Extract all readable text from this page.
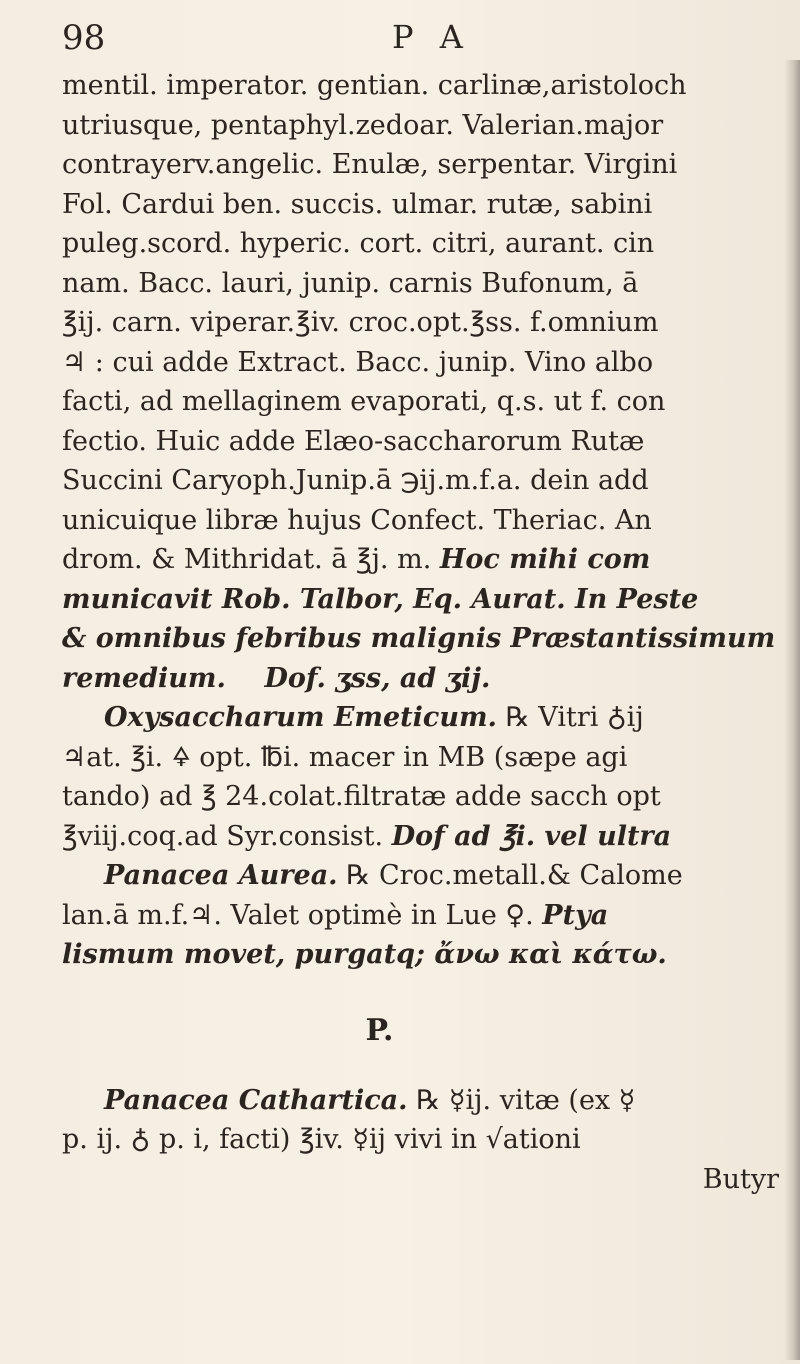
98	P A
mentil. imperator. gentian. carlinæ,aristoloch
utriusque, pentaphyl.zedoar. Valerian.major
contrayerv.angelic. Enulæ, serpentar. Virgini
Fol. Cardui ben. succis. ulmar. rutæ, sabini
puleg.scord. hyperic. cort. citri, aurant. cin
nam. Bacc. lauri, junip. carnis Bufonum, ā
℥ij. carn. viperar.℥iv. croc.opt.℥ss. f.omnium
♃ : cui adde Extract. Bacc. junip. Vino albo
facti, ad mellaginem evaporati, q.s. ut f. con
fectio. Huic adde Elæo-saccharorum Rutæ
Succini Caryoph.Junip.ā ℈ij.m.f.a. dein add
unicuique libræ hujus Confect. Theriac. An
drom. & Mithridat. ā ℥j. m. Hoc mihi com
municavit Rob. Talbor, Eq. Aurat. In Peste
& omnibus febribus malignis Præstantissimum
remedium. Dof. ʒss, ad ʒij.
Oxysaccharum Emeticum. ℞ Vitri ♁ij
♃at. ℥i. 🜍 opt. ℔i. macer in MB (sæpe agi
tando) ad ℥ 24.colat.filtratæ adde sacch opt
℥viij.coq.ad Syr.consist. Dof ad ℥i. vel ultra
Panacea Aurea. ℞ Croc.metall.& Calome
lan.ā m.f.♃. Valet optimè in Lue ♀. Ptya
lismum movet, purgatq; ἄνω καὶ κάτω.
P.
Panacea Cathartica. ℞ ☿ij. vitæ (ex ☿
p. ij. ♁ p. i, facti) ℥iv. ☿ij vivi in √ationi
Butyr
